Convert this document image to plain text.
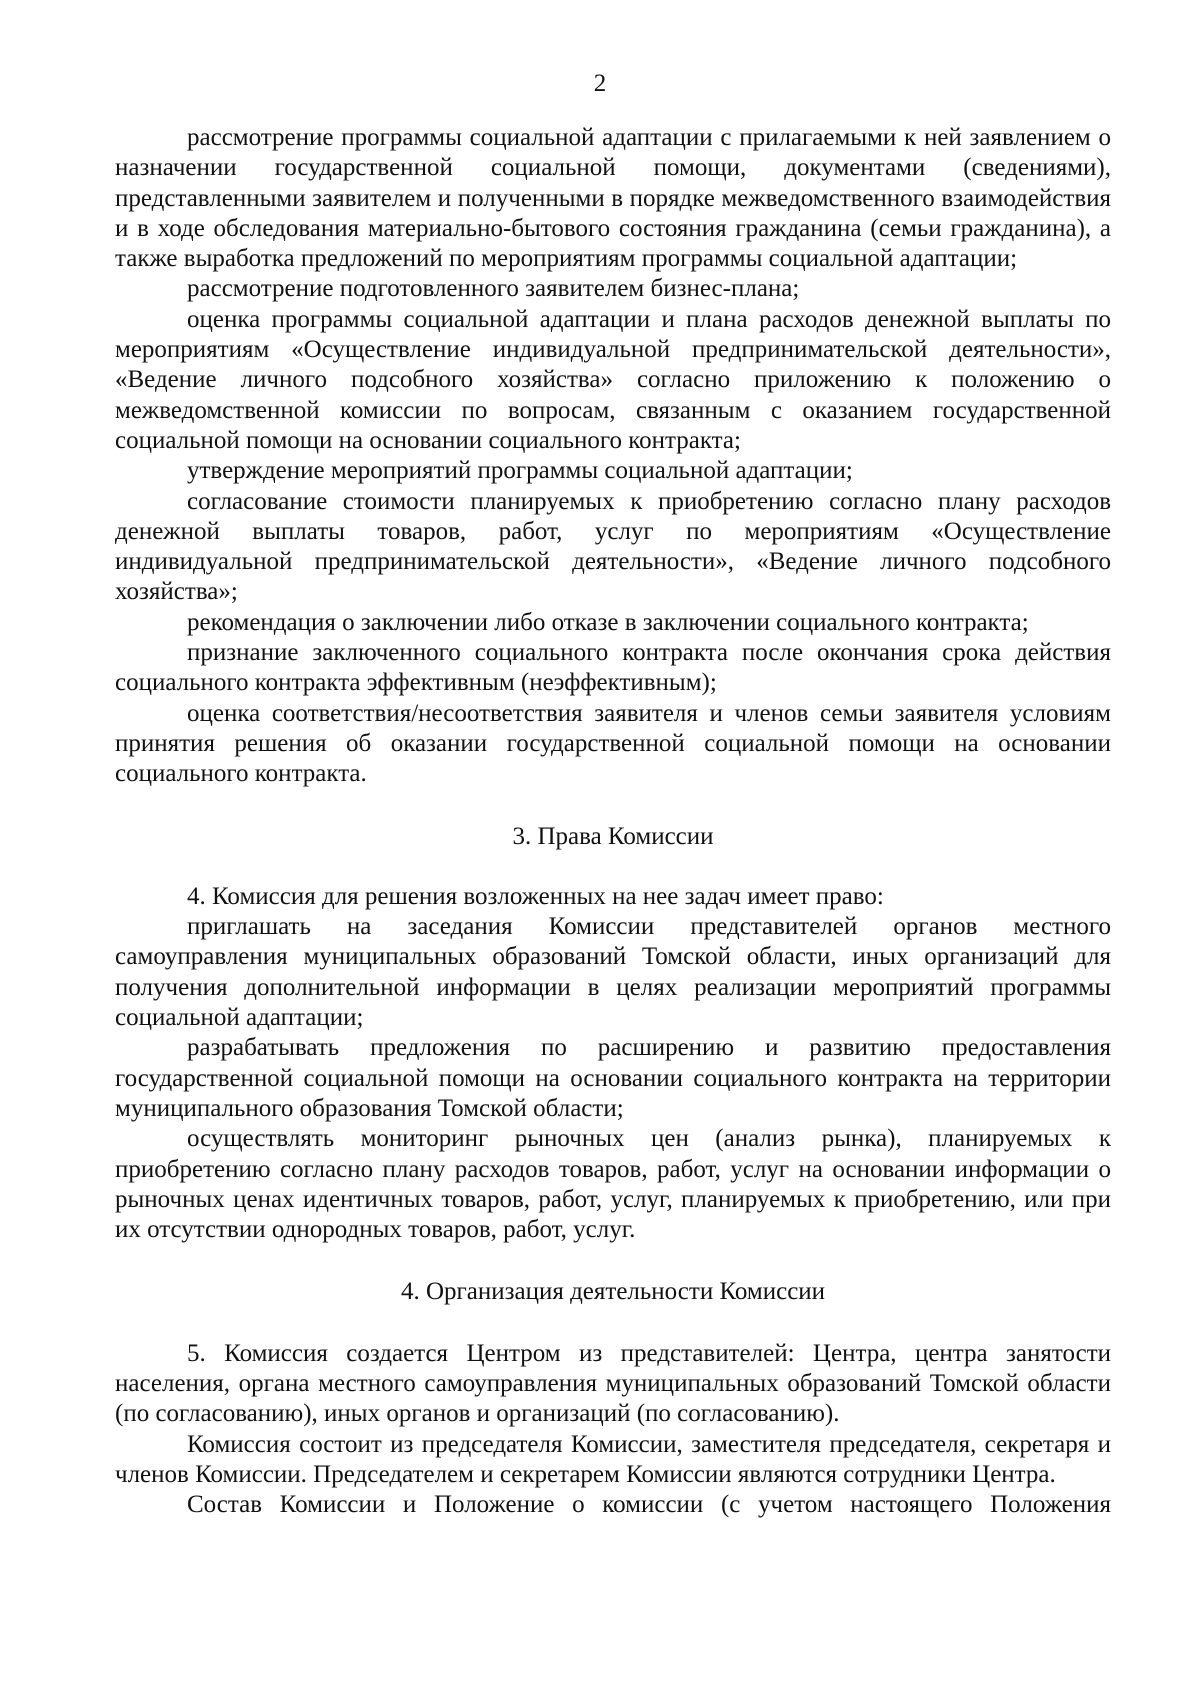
2

рассмотрение программы социальной адаптации с прилагаемыми к ней заявлением о назначении государственной социальной помощи, документами (сведениями), представленными заявителем и полученными в порядке межведомственного взаимодействия и в ходе обследования материально-бытового состояния гражданина (семьи гражданина), а также выработка предложений по мероприятиям программы социальной адаптации;

рассмотрение подготовленного заявителем бизнес-плана;

оценка программы социальной адаптации и плана расходов денежной выплаты по мероприятиям «Осуществление индивидуальной предпринимательской деятельности», «Ведение личного подсобного хозяйства» согласно приложению к положению о межведомственной комиссии по вопросам, связанным с оказанием государственной социальной помощи на основании социального контракта;

утверждение мероприятий программы социальной адаптации;

согласование стоимости планируемых к приобретению согласно плану расходов денежной выплаты товаров, работ, услуг по мероприятиям «Осуществление индивидуальной предпринимательской деятельности», «Ведение личного подсобного хозяйства»;

рекомендация о заключении либо отказе в заключении социального контракта;

признание заключенного социального контракта после окончания срока действия социального контракта эффективным (неэффективным);

оценка соответствия/несоответствия заявителя и членов семьи заявителя условиям принятия решения об оказании государственной социальной помощи на основании социального контракта.

3. Права Комиссии

4. Комиссия для решения возложенных на нее задач имеет право:

приглашать на заседания Комиссии представителей органов местного самоуправления муниципальных образований Томской области, иных организаций для получения дополнительной информации в целях реализации мероприятий программы социальной адаптации;

разрабатывать предложения по расширению и развитию предоставления государственной социальной помощи на основании социального контракта на территории муниципального образования Томской области;

осуществлять мониторинг рыночных цен (анализ рынка), планируемых к приобретению согласно плану расходов товаров, работ, услуг на основании информации о рыночных ценах идентичных товаров, работ, услуг, планируемых к приобретению, или при их отсутствии однородных товаров, работ, услуг.

4. Организация деятельности Комиссии

5. Комиссия создается Центром из представителей: Центра, центра занятости населения, органа местного самоуправления муниципальных образований Томской области (по согласованию), иных органов и организаций (по согласованию).

Комиссия состоит из председателя Комиссии, заместителя председателя, секретаря и членов Комиссии. Председателем и секретарем Комиссии являются сотрудники Центра.

Состав Комиссии и Положение о комиссии (с учетом настоящего Положения
